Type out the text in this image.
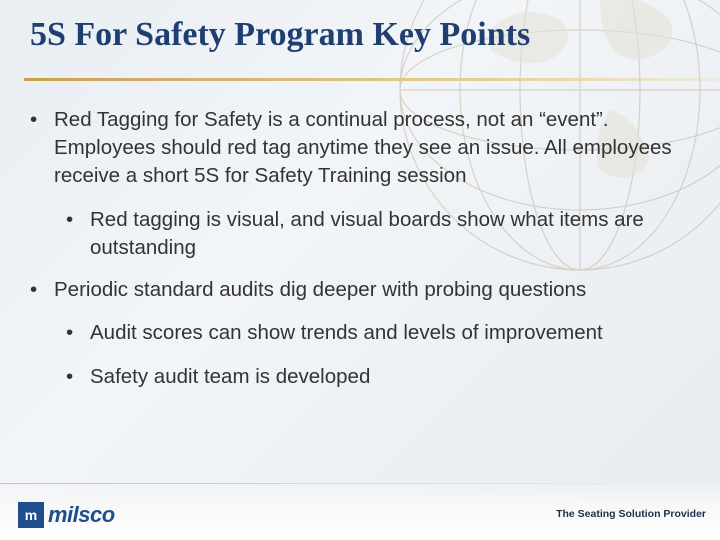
5S For Safety Program Key Points
• Red Tagging for Safety is a continual process, not an “event”. Employees should red tag anytime they see an issue. All employees receive a short 5S for Safety Training session
• Red tagging is visual, and visual boards show what items are outstanding
• Periodic standard audits dig deeper with probing questions
• Audit scores can show trends and levels of improvement
• Safety audit team is developed
m milsco	The Seating Solution Provider
